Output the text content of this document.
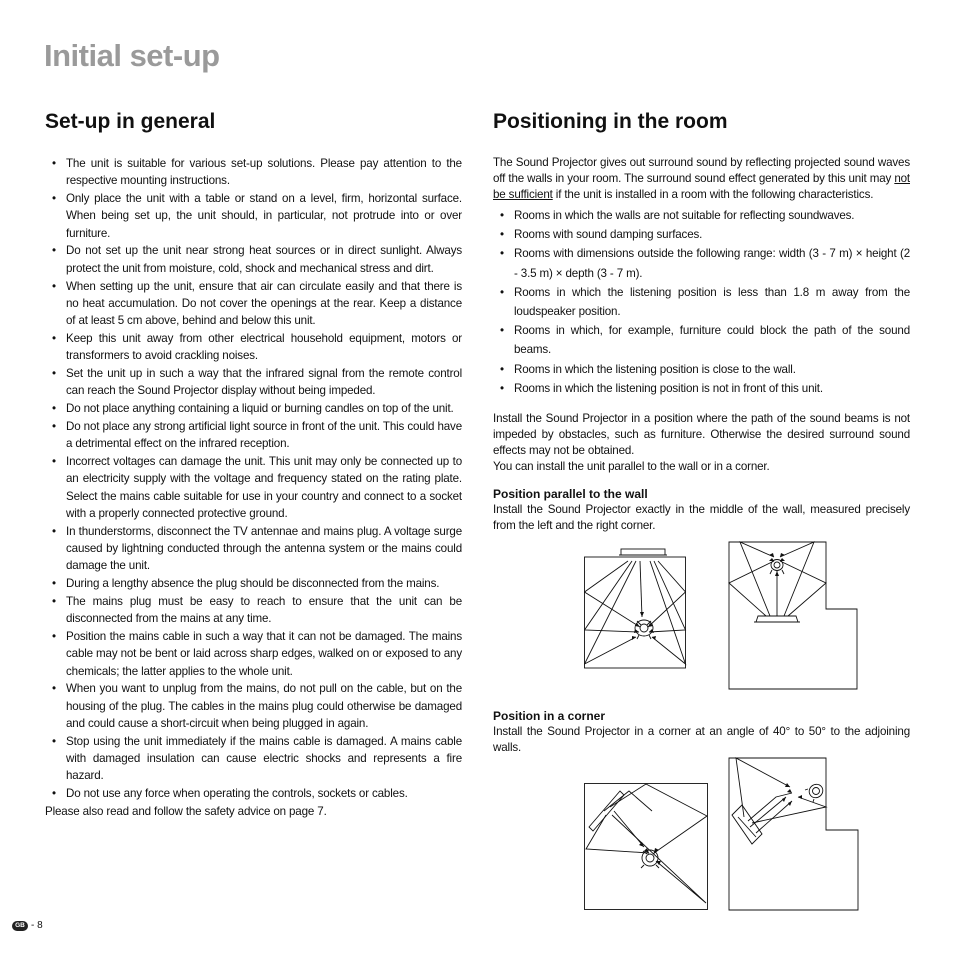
Initial set-up
Set-up in general
• The unit is suitable for various set-up solutions. Please pay attention to the respective mounting instructions.
• Only place the unit with a table or stand on a level, firm, horizontal surface. When being set up, the unit should, in particular, not protrude into or over furniture.
• Do not set up the unit near strong heat sources or in direct sunlight. Always protect the unit from moisture, cold, shock and mechanical stress and dirt.
• When setting up the unit, ensure that air can circulate easily and that there is no heat accumulation. Do not cover the openings at the rear. Keep a distance of at least 5 cm above, behind and below this unit.
• Keep this unit away from other electrical household equipment, motors or transformers to avoid crackling noises.
• Set the unit up in such a way that the infrared signal from the remote control can reach the Sound Projector display without being impeded.
• Do not place anything containing a liquid or burning candles on top of the unit.
• Do not place any strong artificial light source in front of the unit. This could have a detrimental effect on the infrared reception.
• Incorrect voltages can damage the unit. This unit may only be connected up to an electricity supply with the voltage and frequency stated on the rating plate. Select the mains cable suitable for use in your country and connect to a socket with a properly connected protective ground.
• In thunderstorms, disconnect the TV antennae and mains plug. A voltage surge caused by lightning conducted through the antenna system or the mains could damage the unit.
• During a lengthy absence the plug should be disconnected from the mains.
• The mains plug must be easy to reach to ensure that the unit can be disconnected from the mains at any time.
• Position the mains cable in such a way that it can not be damaged. The mains cable may not be bent or laid across sharp edges, walked on or exposed to any chemicals; the latter applies to the whole unit.
• When you want to unplug from the mains, do not pull on the cable, but on the housing of the plug. The cables in the mains plug could otherwise be damaged and could cause a short-circuit when being plugged in again.
• Stop using the unit immediately if the mains cable is damaged. A mains cable with damaged insulation can cause electric shocks and represents a fire hazard.
• Do not use any force when operating the controls, sockets or cables.

Please also read and follow the safety advice on page 7.

Positioning in the room

The Sound Projector gives out surround sound by reflecting projected sound waves off the walls in your room. The surround sound effect generated by this unit may not be sufficient if the unit is installed in a room with the following characteristics.

• Rooms in which the walls are not suitable for reflecting soundwaves.
• Rooms with sound damping surfaces.
• Rooms with dimensions outside the following range: width (3 - 7 m) × height (2 - 3.5 m) × depth (3 - 7 m).
• Rooms in which the listening position is less than 1.8 m away from the loudspeaker position.
• Rooms in which, for example, furniture could block the path of the sound beams.
• Rooms in which the listening position is close to the wall.
• Rooms in which the listening position is not in front of this unit.

Install the Sound Projector in a position where the path of the sound beams is not impeded by obstacles, such as furniture. Otherwise the desired surround sound effects may not be obtained.

You can install the unit parallel to the wall or in a corner.

Position parallel to the wall

Install the Sound Projector exactly in the middle of the wall, measured precisely from the left and the right corner.

Position in a corner

Install the Sound Projector in a corner at an angle of 40° to 50° to the adjoining walls.

GB - 8
